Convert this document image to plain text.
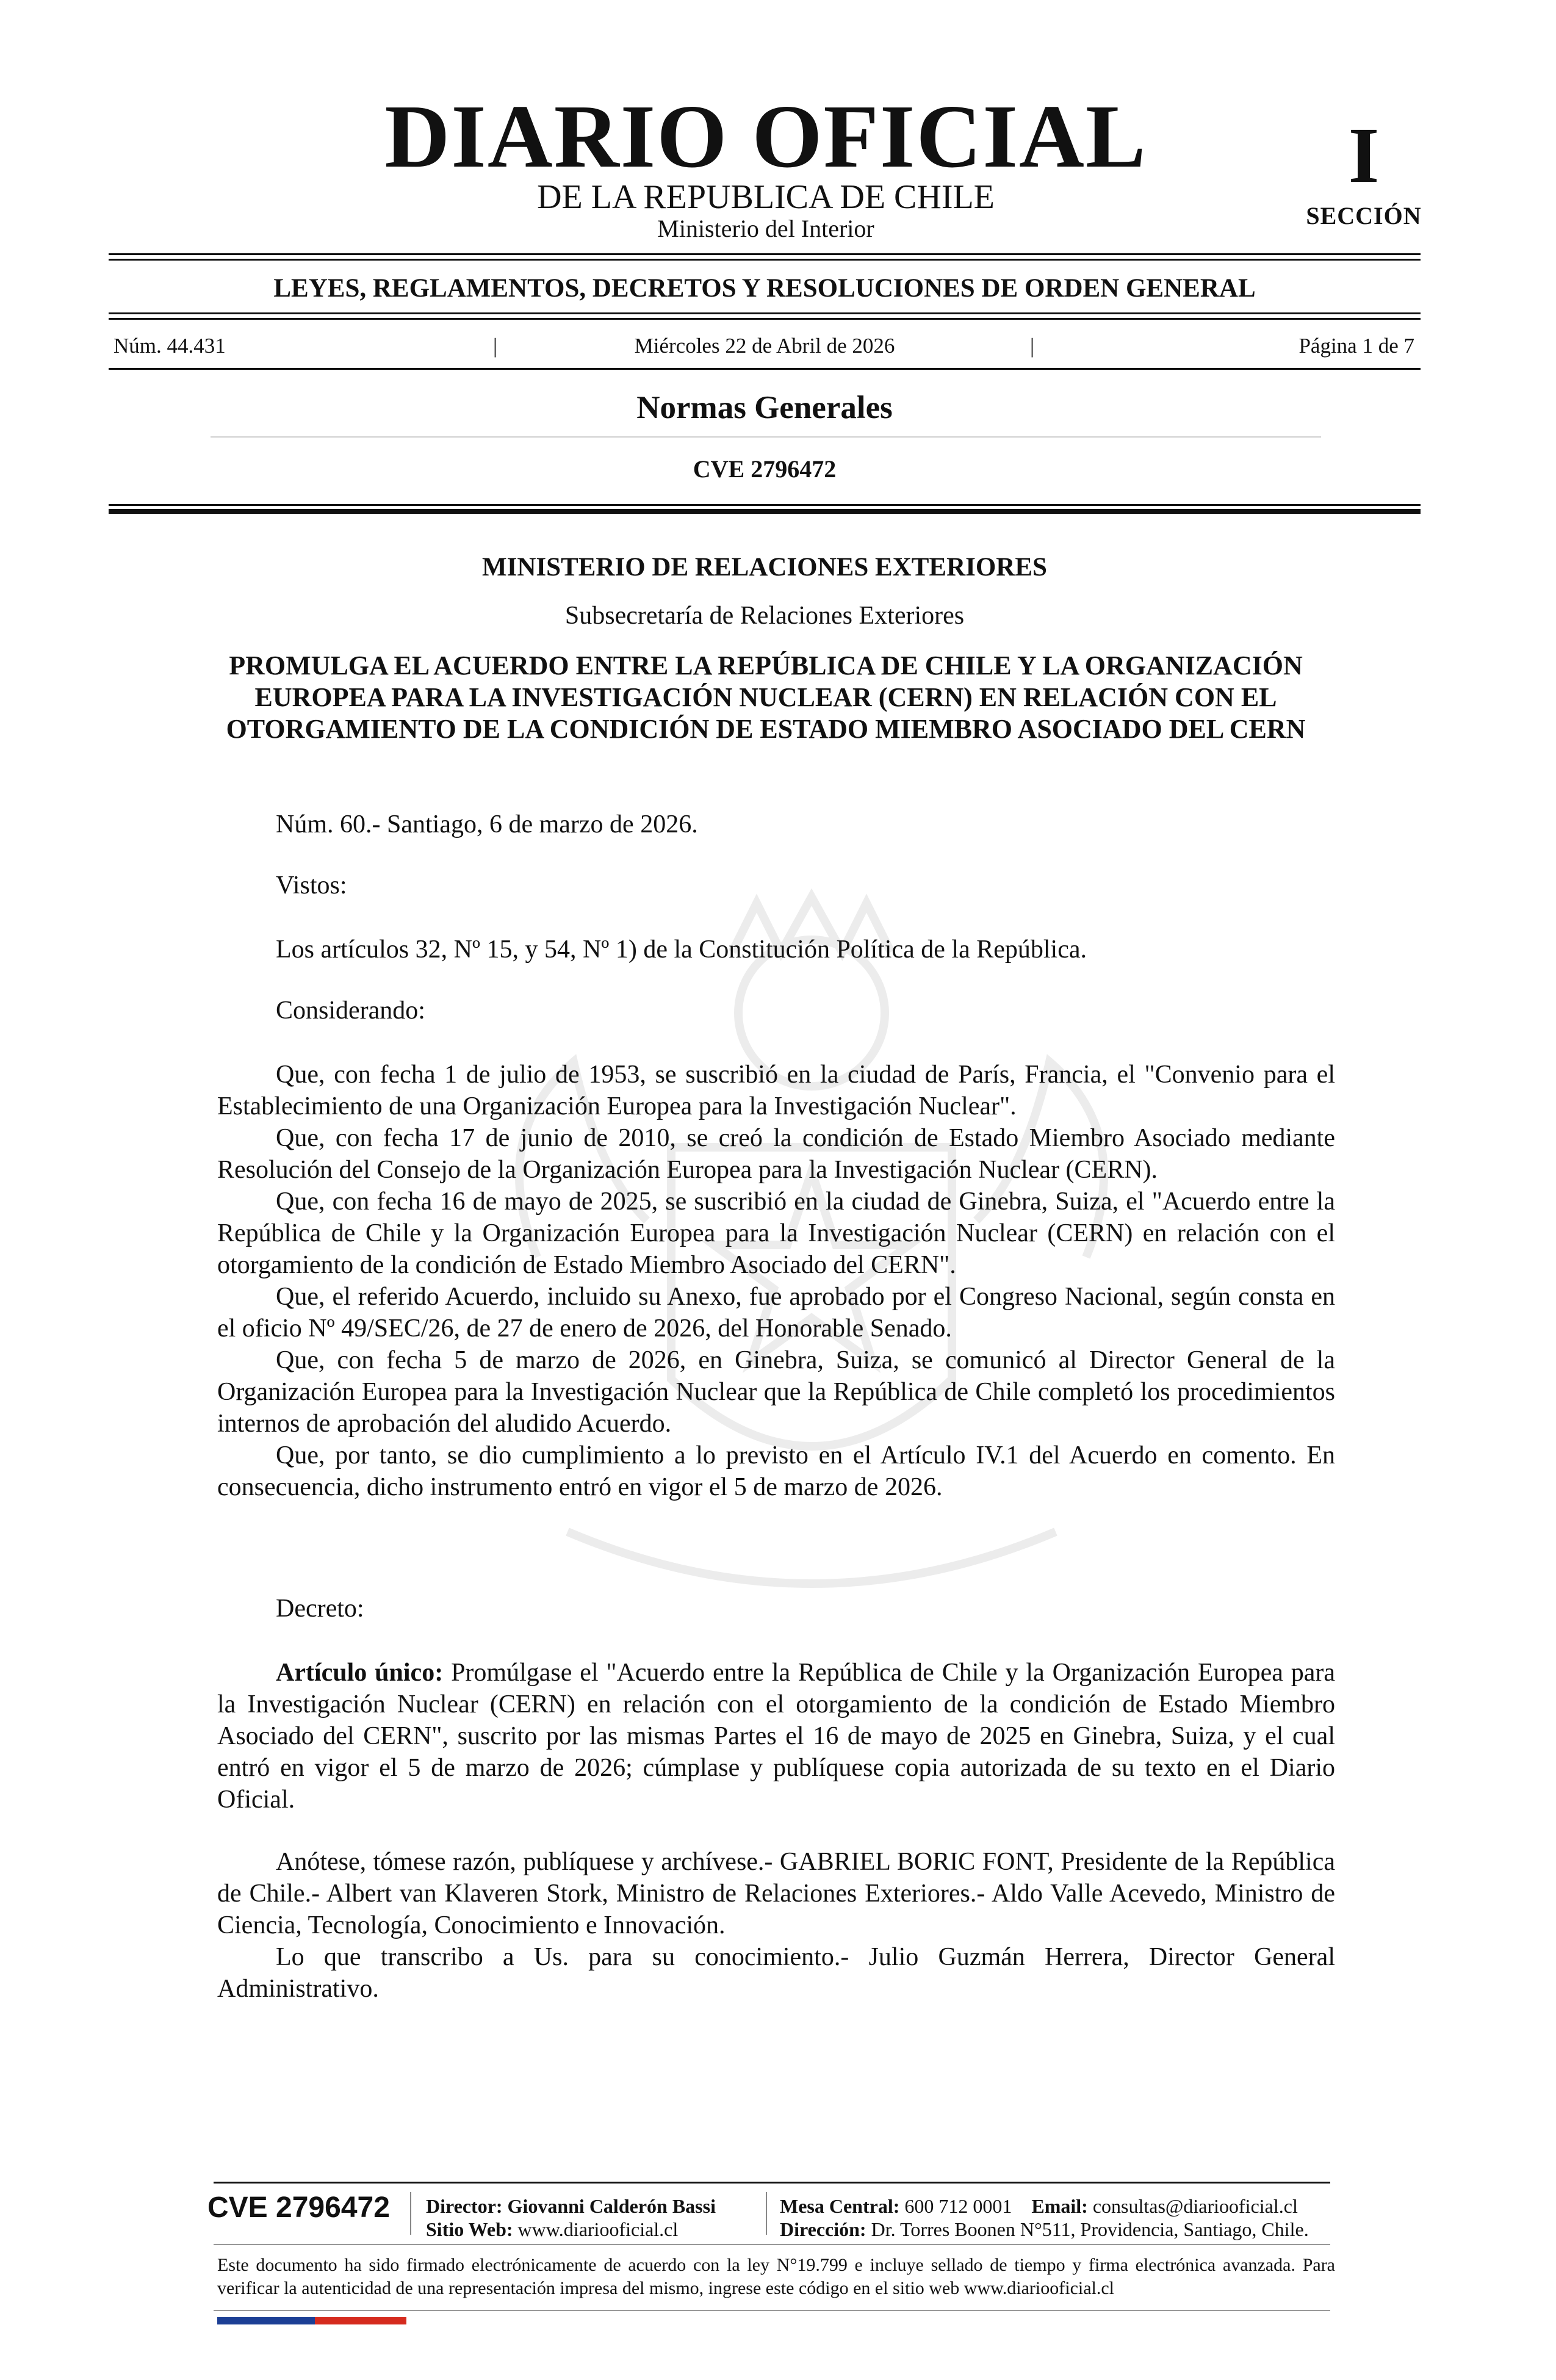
DIARIO OFICIAL
DE LA REPUBLICA DE CHILE
Ministerio del Interior
I
SECCIÓN
LEYES, REGLAMENTOS, DECRETOS Y RESOLUCIONES DE ORDEN GENERAL
Núm. 44.431	|	Miércoles 22 de Abril de 2026	|	Página 1 de 7
Normas Generales
CVE 2796472
MINISTERIO DE RELACIONES EXTERIORES
Subsecretaría de Relaciones Exteriores
PROMULGA EL ACUERDO ENTRE LA REPÚBLICA DE CHILE Y LA ORGANIZACIÓN EUROPEA PARA LA INVESTIGACIÓN NUCLEAR (CERN) EN RELACIÓN CON EL OTORGAMIENTO DE LA CONDICIÓN DE ESTADO MIEMBRO ASOCIADO DEL CERN
Núm. 60.- Santiago, 6 de marzo de 2026.
Vistos:
Los artículos 32, Nº 15, y 54, Nº 1) de la Constitución Política de la República.
Considerando:

Que, con fecha 1 de julio de 1953, se suscribió en la ciudad de París, Francia, el "Convenio para el Establecimiento de una Organización Europea para la Investigación Nuclear".

Que, con fecha 17 de junio de 2010, se creó la condición de Estado Miembro Asociado mediante Resolución del Consejo de la Organización Europea para la Investigación Nuclear (CERN).

Que, con fecha 16 de mayo de 2025, se suscribió en la ciudad de Ginebra, Suiza, el "Acuerdo entre la República de Chile y la Organización Europea para la Investigación Nuclear (CERN) en relación con el otorgamiento de la condición de Estado Miembro Asociado del CERN".

Que, el referido Acuerdo, incluido su Anexo, fue aprobado por el Congreso Nacional, según consta en el oficio Nº 49/SEC/26, de 27 de enero de 2026, del Honorable Senado.

Que, con fecha 5 de marzo de 2026, en Ginebra, Suiza, se comunicó al Director General de la Organización Europea para la Investigación Nuclear que la República de Chile completó los procedimientos internos de aprobación del aludido Acuerdo.

Que, por tanto, se dio cumplimiento a lo previsto en el Artículo IV.1 del Acuerdo en comento. En consecuencia, dicho instrumento entró en vigor el 5 de marzo de 2026.

Decreto:
Artículo único: Promúlgase el "Acuerdo entre la República de Chile y la Organización Europea para la Investigación Nuclear (CERN) en relación con el otorgamiento de la condición de Estado Miembro Asociado del CERN", suscrito por las mismas Partes el 16 de mayo de 2025 en Ginebra, Suiza, y el cual entró en vigor el 5 de marzo de 2026; cúmplase y publíquese copia autorizada de su texto en el Diario Oficial.

Anótese, tómese razón, publíquese y archívese.- GABRIEL BORIC FONT, Presidente de la República de Chile.- Albert van Klaveren Stork, Ministro de Relaciones Exteriores.- Aldo Valle Acevedo, Ministro de Ciencia, Tecnología, Conocimiento e Innovación.

Lo que transcribo a Us. para su conocimiento.- Julio Guzmán Herrera, Director General Administrativo.

CVE 2796472 Director: Giovanni Calderón Bassi
Sitio Web: www.diariooficial.cl
Mesa Central: 600 712 0001 Email: consultas@diariooficial.cl
Dirección: Dr. Torres Boonen N°511, Providencia, Santiago, Chile.
Este documento ha sido firmado electrónicamente de acuerdo con la ley N°19.799 e incluye sellado de tiempo y firma electrónica avanzada. Para verificar la autenticidad de una representación impresa del mismo, ingrese este código en el sitio web www.diariooficial.cl
